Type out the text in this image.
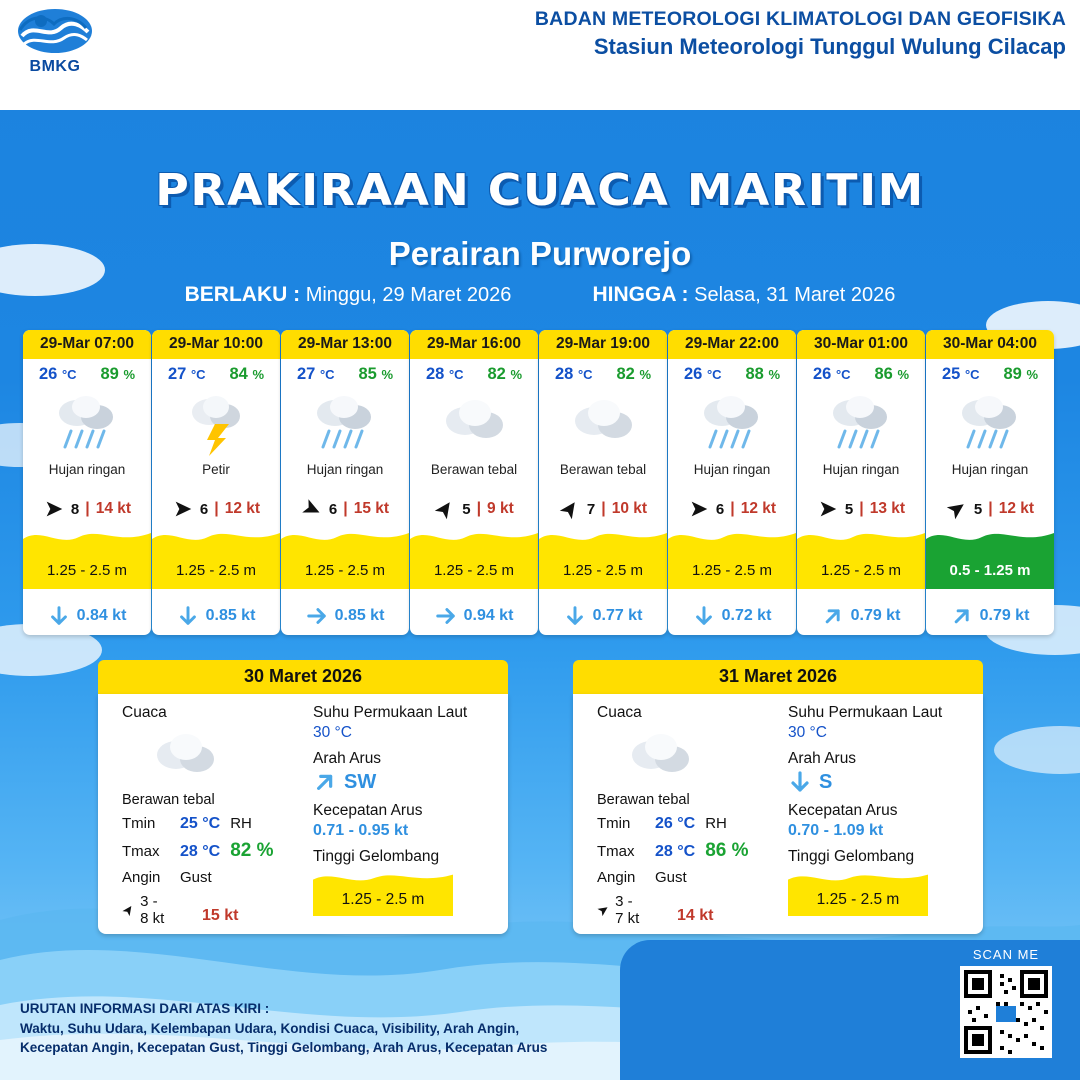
BMKG
BADAN METEOROLOGI KLIMATOLOGI DAN GEOFISIKA
Stasiun Meteorologi Tunggul Wulung Cilacap
PRAKIRAAN CUACA MARITIM
Perairan Purworejo
BERLAKU : Minggu, 29 Maret 2026	HINGGA : Selasa, 31 Maret 2026
29-Mar 07:00
26 °C 89 %
Hujan ringan
8 | 14 kt
1.25 - 2.5 m
0.84 kt
29-Mar 10:00
27 °C 84 %
Petir
6 | 12 kt
1.25 - 2.5 m
0.85 kt
29-Mar 13:00
27 °C 85 %
Hujan ringan
6 | 15 kt
1.25 - 2.5 m
0.85 kt
29-Mar 16:00
28 °C 82 %
Berawan tebal
5 | 9 kt
1.25 - 2.5 m
0.94 kt
29-Mar 19:00
28 °C 82 %
Berawan tebal
7 | 10 kt
1.25 - 2.5 m
0.77 kt
29-Mar 22:00
26 °C 88 %
Hujan ringan
6 | 12 kt
1.25 - 2.5 m
0.72 kt
30-Mar 01:00
26 °C 86 %
Hujan ringan
5 | 13 kt
1.25 - 2.5 m
0.79 kt
30-Mar 04:00
25 °C 89 %
Hujan ringan
5 | 12 kt
0.5 - 1.25 m
0.79 kt
30 Maret 2026
Cuaca
Berawan tebal
Tmin	25 °C RH
Tmax	28 °C 82 %
Angin	Gust
3 - 8 kt	15 kt
Suhu Permukaan Laut
30 °C
Arah Arus
SW
Kecepatan Arus
0.71 - 0.95 kt
Tinggi Gelombang
1.25 - 2.5 m
31 Maret 2026
Cuaca
Berawan tebal
Tmin	26 °C RH
Tmax	28 °C 86 %
Angin	Gust
3 - 7 kt	14 kt
Suhu Permukaan Laut
30 °C
Arah Arus
S
Kecepatan Arus
0.70 - 1.09 kt
Tinggi Gelombang
1.25 - 2.5 m
URUTAN INFORMASI DARI ATAS KIRI :
Waktu, Suhu Udara, Kelembapan Udara, Kondisi Cuaca, Visibility, Arah Angin,
Kecepatan Angin, Kecepatan Gust, Tinggi Gelombang, Arah Arus, Kecepatan Arus
SCAN ME
